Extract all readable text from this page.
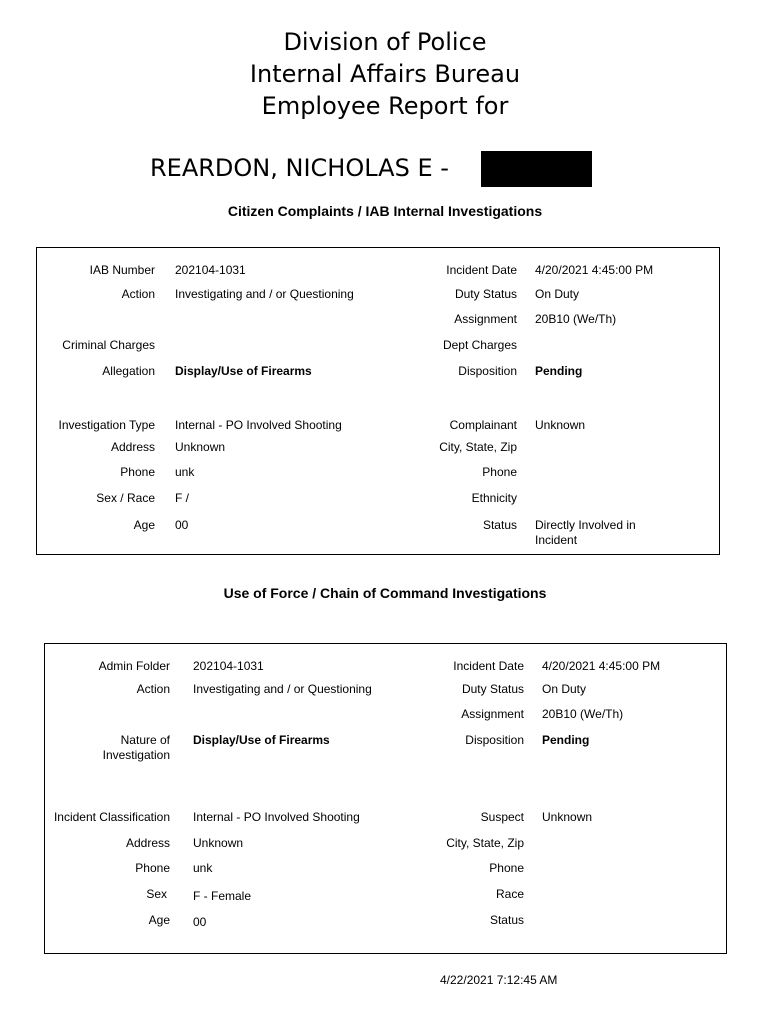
Division of Police
Internal Affairs Bureau
Employee Report for
REARDON, NICHOLAS E -
Citizen Complaints / IAB Internal Investigations
IAB Number
Action
Criminal Charges
Allegation
Investigation Type
Address
Phone
Sex / Race
Age
202104-1031
Investigating and / or Questioning
Display/Use of Firearms
Internal - PO Involved Shooting
Unknown
unk
F /
00
Incident Date
Duty Status
Assignment
Dept Charges
Disposition
Complainant
City, State, Zip
Phone
Ethnicity
Status
4/20/2021 4:45:00 PM
On Duty
20B10 (We/Th)
Pending
Unknown
Directly Involved in
Incident
Use of Force / Chain of Command Investigations
Admin Folder
Action
Nature of
Investigation
Incident Classification
Address
Phone
Sex
Age
202104-1031
Investigating and / or Questioning
Display/Use of Firearms
Internal - PO Involved Shooting
Unknown
unk
F - Female
00
Incident Date
Duty Status
Assignment
Disposition
Suspect
City, State, Zip
Phone
Race
Status
4/20/2021 4:45:00 PM
On Duty
20B10 (We/Th)
Pending
Unknown
4/22/2021 7:12:45 AM
